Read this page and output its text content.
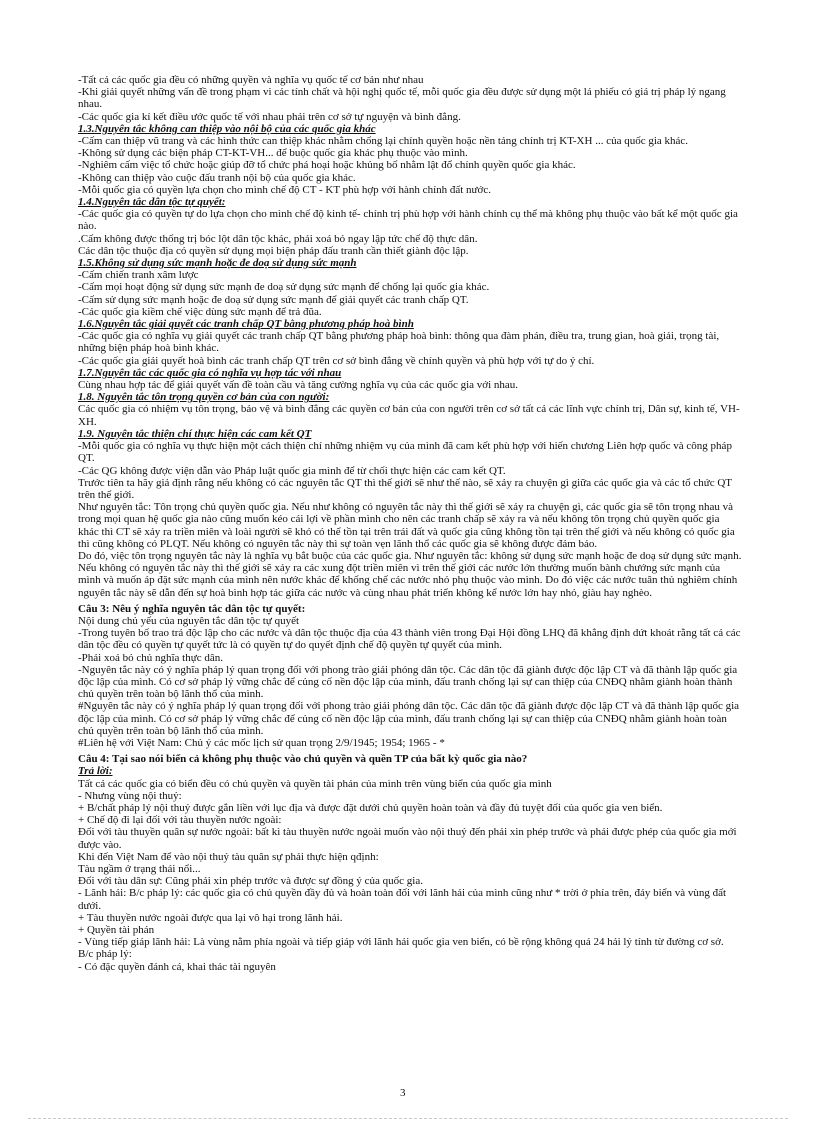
-Tất cả các quốc gia đều có những quyền và nghĩa vụ quốc tế cơ bản như nhau

-Khi giải quyết những vấn đề trong phạm vi các tính chất và hội nghị quốc tế, mỗi quốc gia đều được sử dụng một lá phiếu có giá trị pháp lý ngang nhau.

-Các quốc gia kí kết điều ước quốc tế với nhau phải trên cơ sở tự nguyện và bình đẳng.

1.3.Nguyên tắc không can thiệp vào nội bộ của các quốc gia khác

-Cấm can thiệp vũ trang và các hình thức can thiệp khác nhằm chống lại chính quyền hoặc nền tảng chính trị KT-XH ... của quốc gia khác.

-Không sử dụng các biện pháp CT-KT-VH... để buộc quốc gia khác phụ thuộc vào mình.

-Nghiêm cấm việc tổ chức hoặc giúp đỡ tổ chức phá hoại hoặc khủng bố nhằm lật đổ chính quyền quốc gia khác.

-Không can thiệp vào cuộc đấu tranh nội bộ của quốc gia khác.

-Mỗi quốc gia có quyền lựa chọn cho mình chế độ CT - KT phù hợp với hành chính đất nước.

1.4.Nguyên tắc dân tộc tự quyết:

-Các quốc gia có quyền tự do lựa chọn cho mình chế độ kinh tế- chính trị phù hợp với hành chính cụ thể mà không phụ thuộc vào bất kể một quốc gia nào.

.Cấm không được thống trị bóc lột dân tộc khác, phải xoá bỏ ngay lập tức chế độ thực dân.

Các dân tộc thuộc địa có quyền sử dụng mọi biện pháp đấu tranh cần thiết giành độc lập.

1.5.Không sử dụng sức mạnh hoặc đe doạ sử dụng sức mạnh

-Cấm chiến tranh xâm lược

-Cấm mọi hoạt động sử dụng sức mạnh đe doạ sử dụng sức mạnh để chống lại quốc gia khác.

-Cấm sử dụng sức mạnh hoặc đe doạ sử dụng sức mạnh để giải quyết các tranh chấp QT.

-Các quốc gia kiềm chế việc dùng sức mạnh để trả đũa.

1.6.Nguyên tắc giải quyết các tranh chấp QT bằng phương pháp hoà bình

-Các quốc gia có nghĩa vụ giải quyết các tranh chấp QT bằng phương pháp hoà bình: thông qua đàm phán, điều tra, trung gian, hoà giải, trọng tài, những biện pháp hoà bình khác.

-Các quốc gia giải quyết hoà bình các tranh chấp QT trên cơ sở bình đẳng về chính quyền và phù hợp với tự do ý chí.

1.7.Nguyên tắc các quốc gia có nghĩa vụ hợp tác với nhau

Cùng nhau hợp tác để giải quyết vấn đề toàn cầu và tăng cường nghĩa vụ của các quốc gia với nhau.

1.8. Nguyên tắc tôn trọng quyền cơ bản của con người:

Các quốc gia có nhiệm vụ tôn trọng, bảo vệ và bình đẳng các quyền cơ bản của con người trên cơ sở tất cả các lĩnh vực chính trị, Dân sự, kinh tế, VH-XH.

1.9. Nguyên tắc thiện chí thực hiện các cam kết QT

-Mỗi quốc gia có nghĩa vụ thực hiện một cách thiện chí những nhiệm vụ của mình đã cam kết phù hợp với hiến chương Liên hợp quốc và công pháp QT.

-Các QG không được viện dẫn vào Pháp luật quốc gia mình để từ chối thực hiện các cam kết QT.

Trước tiên ta hãy giả định rằng nếu không có các nguyên tắc QT thì thế giới sẽ như thế nào, sẽ xảy ra chuyện gì giữa các quốc gia và các tổ chức QT trên thế giới.

Như nguyên tắc: Tôn trọng chủ quyền quốc gia. Nếu như không có nguyên tắc này thì thế giới sẽ xảy ra chuyện gì, các quốc gia sẽ tôn trọng nhau và trong mọi quan hệ quốc gia nào cũng muốn kéo cái lợi về phần mình cho nên các tranh chấp sẽ xảy ra và nếu không tôn trọng chủ quyền quốc gia khác thì CT sẽ xảy ra triền miên và loài người sẽ khó có thể tồn tại trên trái đất và quốc gia cũng không tồn tại trên thế giới và nếu không có quốc gia thì cũng không có PLQT. Nếu không có nguyên tắc này thì sự toàn vẹn lãnh thổ các quốc gia sẽ không được đảm bảo.

Do đó, việc tôn trọng nguyên tắc này là nghĩa vụ bắt buộc của các quốc gia. Như nguyên tắc: không sử dụng sức mạnh hoặc đe doạ sử dụng sức mạnh. Nếu không có nguyên tắc này thì thế giới sẽ xảy ra các xung đột triền miên vì trên thế giới các nước lớn thường muốn bành chướng sức mạnh của mình và muốn áp đặt sức mạnh của mình nên nước khác để khống chế các nước nhỏ phụ thuộc vào mình. Do đó việc các nước tuân thủ nghiêm chỉnh nguyên tắc này sẽ dẫn đến sự hoà bình hợp tác giữa các nước và cùng nhau phát triển không kể nước lớn hay nhỏ, giàu hay nghèo.

Câu 3: Nêu ý nghĩa nguyên tắc dân tộc tự quyết:

Nội dung chủ yếu của nguyên tắc dân tộc tự quyết

-Trong tuyên bố trao trả độc lập cho các nước và dân tộc thuộc địa của 43 thành viên trong Đại Hội đồng LHQ đã khẳng định dứt khoát rằng tất cả các dân tộc đều có quyền tự quyết tức là có quyền tự do quyết định chế độ quyền tự quyết của mình.

-Phải xoá bỏ chủ nghĩa thực dân.

-Nguyên tắc này có ý nghĩa pháp lý quan trọng đối với phong trào giải phóng dân tộc. Các dân tộc đã giành được độc lập CT và đã thành lập quốc gia độc lập của mình. Có cơ sở pháp lý vững chắc để củng cố nền độc lập của mình, đấu tranh chống lại sự can thiệp của CNĐQ nhằm giành hoàn thành chủ quyền trên toàn bộ lãnh thổ của mình.

#Nguyên tắc này có ý nghĩa pháp lý quan trọng đối với phong trào giải phóng dân tộc. Các dân tộc đã giành được độc lập CT và đã thành lập quốc gia độc lập của mình. Có cơ sở pháp lý vững chắc để củng cố nền độc lập của mình, đấu tranh chống lại sự can thiệp của CNĐQ nhằm giành hoàn toàn chủ quyền trên toàn bộ lãnh thổ của mình.

#Liên hệ với Việt Nam: Chủ ý các mốc lịch sử quan trọng 2/9/1945; 1954; 1965 - *

Câu 4: Tại sao nói biển cả không phụ thuộc vào chủ quyền và quền TP của bất kỳ quốc gia nào?

Trả lời:

Tất cả các quốc gia có biển đều có chủ quyền và quyền tài phán của mình trên vùng biển của quốc gia mình

- Nhưng vùng nội thuỷ:

+ B/chất pháp lý nội thuỷ được gắn liền với lục địa và được đặt dưới chủ quyền hoàn toàn và đầy đủ tuyệt đối của quốc gia ven biển.

+ Chế độ đi lại đối với tàu thuyền nước ngoài:

Đối với tàu thuyền quân sự nước ngoài: bất kì tàu thuyền nước ngoài muốn vào nội thuỷ đến phải xin phép trước và phải được phép của quốc gia mới được vào.

Khi đến Việt Nam để vào nội thuỷ tàu quân sự phải thực hiện qđịnh:

Tàu ngầm ở trạng thái nổi...

Đối với tàu dân sự: Cũng phải xin phép trước và được sự đồng ý của quốc gia.

- Lãnh hải: B/c pháp lý: các quốc gia có chủ quyền đầy đủ và hoàn toàn đối với lãnh hải của mình cũng như * trời ở phía trên, đáy biển và vùng đất dưới.

+ Tàu thuyền nước ngoài được qua lại vô hại trong lãnh hải.

+ Quyền tài phán

- Vùng tiếp giáp lãnh hải: Là vùng nằm phía ngoài và tiếp giáp với lãnh hải quốc gia ven biển, có bề rộng không quá 24 hải lý tính từ đường cơ sở.

B/c pháp lý:

- Có đặc quyền đánh cá, khai thác tài nguyên

3
